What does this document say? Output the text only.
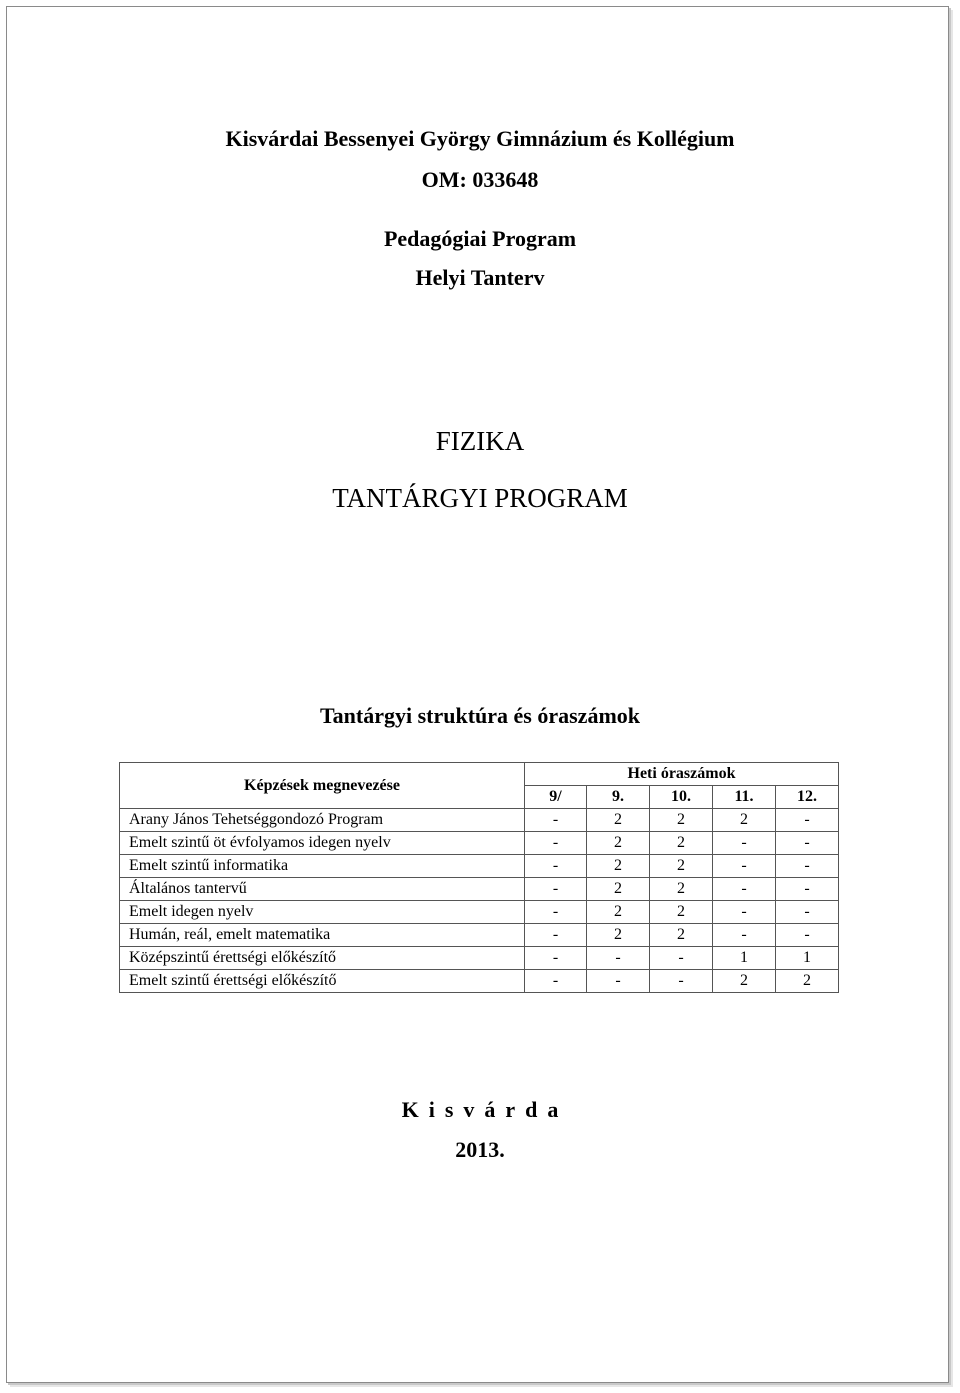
Kisvárdai Bessenyei György Gimnázium és Kollégium
OM: 033648
Pedagógiai Program
Helyi Tanterv
FIZIKA
TANTÁRGYI PROGRAM
Tantárgyi struktúra és óraszámok
Képzések megnevezése	Heti óraszámok				
	9/	9.	10.	11.	12.
Arany János Tehetséggondozó Program	-	2	2	2	-
Emelt szintű öt évfolyamos idegen nyelv	-	2	2	-	-
Emelt szintű informatika	-	2	2	-	-
Általános tantervű	-	2	2	-	-
Emelt idegen nyelv	-	2	2	-	-
Humán, reál, emelt matematika	-	2	2	-	-
Középszintű érettségi előkészítő	-	-	-	1	1
Emelt szintű érettségi előkészítő	-	-	-	2	2
Kisvárda
2013.
